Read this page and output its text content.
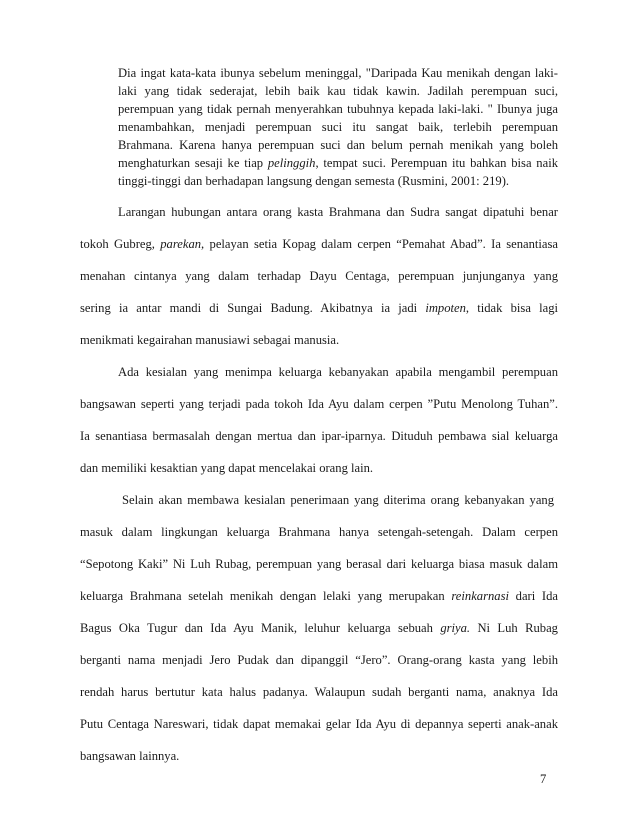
Dia ingat kata-kata ibunya sebelum meninggal, "Daripada Kau menikah dengan laki-
laki yang tidak sederajat, lebih baik kau tidak kawin. Jadilah perempuan suci,
perempuan yang tidak pernah menyerahkan tubuhnya kepada laki-laki. " Ibunya juga
menambahkan, menjadi perempuan suci itu sangat baik, terlebih perempuan
Brahmana. Karena hanya perempuan suci dan belum pernah menikah yang boleh
menghaturkan sesaji ke tiap pelinggih, tempat suci. Perempuan itu bahkan bisa naik
tinggi-tinggi dan berhadapan langsung dengan semesta (Rusmini, 2001: 219).
Larangan hubungan antara orang kasta Brahmana dan Sudra sangat dipatuhi benar
tokoh Gubreg, parekan, pelayan setia Kopag dalam cerpen “Pemahat Abad”. Ia senantiasa
menahan cintanya yang dalam terhadap Dayu Centaga, perempuan junjunganya yang
sering ia antar mandi di Sungai Badung. Akibatnya ia jadi impoten, tidak bisa lagi
menikmati kegairahan manusiawi sebagai manusia.
Ada kesialan yang menimpa keluarga kebanyakan apabila mengambil perempuan
bangsawan seperti yang terjadi pada tokoh Ida Ayu dalam cerpen ”Putu Menolong Tuhan”.
Ia senantiasa bermasalah dengan mertua dan ipar-iparnya. Dituduh pembawa sial keluarga
dan memiliki kesaktian yang dapat mencelakai orang lain.
Selain akan membawa kesialan penerimaan yang diterima orang kebanyakan yang
masuk dalam lingkungan keluarga Brahmana hanya setengah-setengah. Dalam cerpen
“Sepotong Kaki” Ni Luh Rubag, perempuan yang berasal dari keluarga biasa masuk dalam
keluarga Brahmana setelah menikah dengan lelaki yang merupakan reinkarnasi dari Ida
Bagus Oka Tugur dan Ida Ayu Manik, leluhur keluarga sebuah griya. Ni Luh Rubag
berganti nama menjadi Jero Pudak dan dipanggil “Jero”. Orang-orang kasta yang lebih
rendah harus bertutur kata halus padanya. Walaupun sudah berganti nama, anaknya Ida
Putu Centaga Nareswari, tidak dapat memakai gelar Ida Ayu di depannya seperti anak-anak
bangsawan lainnya.
7
